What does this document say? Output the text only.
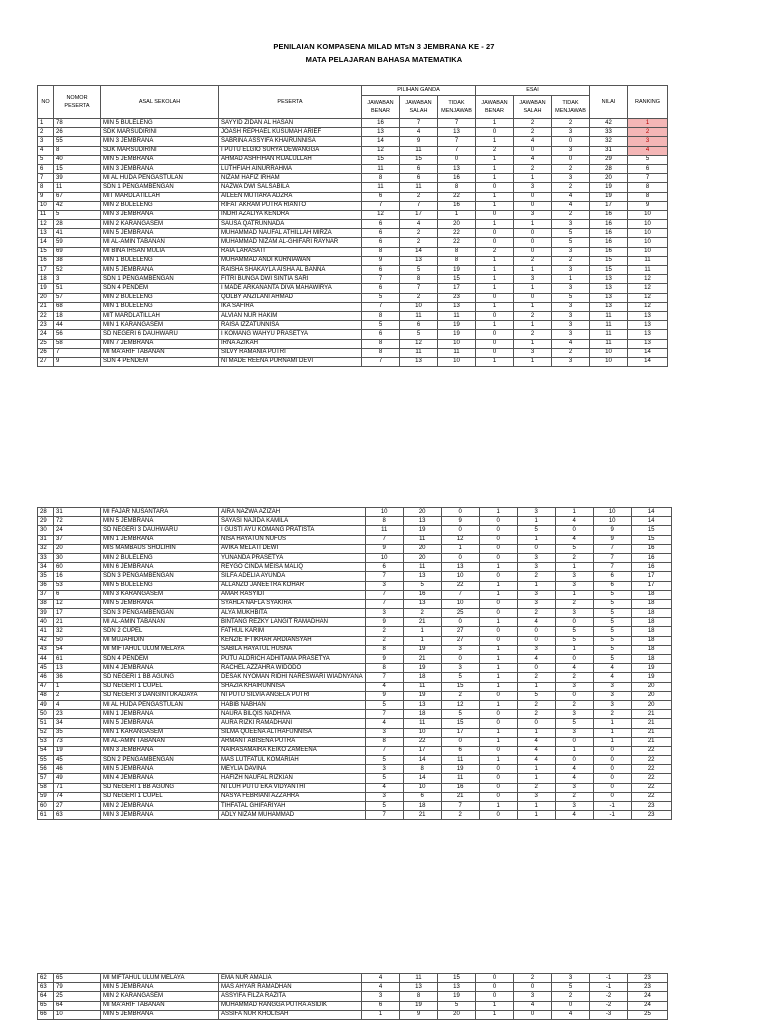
PENILAIAN KOMPASENA MILAD MTsN 3 JEMBRANA KE - 27
MATA PELAJARAN BAHASA MATEMATIKA
NO	NOMOR PESERTA	ASAL SEKOLAH	PESERTA	PILIHAN GANDA			ESAI			NILAI	RANKING
				JAWABAN BENAR	JAWABAN SALAH	TIDAK MENJAWAB	JAWABAN BENAR	JAWABAN SALAH	TIDAK MENJAWAB		
1	78	MIN 5 BULELENG	SAYYID ZIDAN AL HASAN	16	7	7	1	2	2	42	1
2	26	SDK MARSUDIRINI	JOASH REPHAEL KUSUMAH ARIEF	13	4	13	0	2	3	33	2
3	55	MIN 3 JEMBRANA	SABRINA ASSYIFA KHAIRUNNISA	14	9	7	1	4	0	32	3
4	8	SDK MARSUDIRINI	I PUTU ELGIO SURYA DEWANGGA	12	11	7	2	0	3	31	4
5	40	MIN 5 JEMBRANA	AHMAD ASHFIHAN RIJALULLAH	15	15	0	1	4	0	29	5
6	15	MIN 3 JEMBRANA	LUTHFIAH AINURRAHMA	11	6	13	1	2	2	28	6
7	39	MI AL HUDA PENGASTULAN	NIZAM HAFIZ IRHAM	8	6	16	1	1	3	20	7
8	11	SDN 1 PENGAMBENGAN	NAZWA DWI SALSABILA	11	11	8	0	3	2	19	8
9	67	MIT MARDLATILLAH	AILEEN MUTIARA ADZRA	6	2	22	1	0	4	19	8
10	42	MIN 2 BULELENG	RIFAT AKRAM PUTRA RIANTO	7	7	16	1	0	4	17	9
11	5	MIN 3 JEMBRANA	INDRI AZALIYA KENDRA	12	17	1	0	3	2	16	10
12	28	MIN 2 KARANGASEM	SAUSA QATRUNNADA	6	4	20	1	1	3	16	10
13	41	MIN 5 JEMBRANA	MUHAMMAD NAUFAL ATHILLAH MIRZA	6	2	22	0	0	5	16	10
14	59	MI AL-AMIN TABANAN	MUHAMMAD NIZAM AL-GHIFARI RAYNAR	6	2	22	0	0	5	16	10
15	69	MI BINA IHSAN MULIA	RAIA LARASATI	8	14	8	2	0	3	16	10
16	38	MIN 1 BULELENG	MUHAMMAD ANDI KURNIAWAN	9	13	8	1	2	2	15	11
17	52	MIN 5 JEMBRANA	RAISHA SHAKAYLA AISHA AL BANNA	6	5	19	1	1	3	15	11
18	3	SDN 1 PENGAMBENGAN	FITRI BUNGA DWI SINTIA SARI	7	8	15	1	3	1	13	12
19	51	SDN 4 PENDEM	I MADE ARKANANTA DIVA MAHAWIRYA	6	7	17	1	1	3	13	12
20	57	MIN 2 BULELENG	QOLBY ANZILANI AHMAD	5	2	23	0	0	5	13	12
21	68	MIN 1 BULELENG	IKA SAFIRA	7	10	13	1	1	3	13	12
22	18	MIT MARDLATILLAH	ALVIAN NUR HAKIM	8	11	11	0	2	3	11	13
23	44	MIN 1 KARANGASEM	RAISA IZZATUNNISA	5	6	19	1	1	3	11	13
24	56	SD NEGERI 6 DAUHWARU	I KOMANG WAHYU PRASETYA	6	5	19	0	2	3	11	13
25	58	MIN 7 JEMBRANA	IRNA AZIKAH	8	12	10	0	1	4	11	13
26	7	MI MA'ARIF TABANAN	SILVY RAMANIA PUTRI	8	11	11	0	3	2	10	14
27	9	SDN 4 PENDEM	NI MADE REENA PURNAMI DEVI	7	13	10	1	1	3	10	14
28	31	MI FAJAR NUSANTARA	AIRA NAZWA AZIZAH	10	20	0	1	3	1	10	14
29	72	MIN 5 JEMBRANA	SAYASI NAJIDA KAMILA	8	13	9	0	1	4	10	14
30	24	SD NEGERI 3 DAUHWARU	I GUSTI AYU KOMANG PRATISTA	11	19	0	0	5	0	9	15
31	37	MIN 1 JEMBRANA	NISA HAYATUN NUFUS	7	11	12	0	1	4	9	15
32	20	MIS MAMBAUS SHOLIHIN	AVIKA MELATI DEWI	9	20	1	0	0	5	7	16
33	30	MIN 2 BULELENG	YUNANDA PRASETYA	10	20	0	0	3	2	7	16
34	60	MIN 6 JEMBRANA	REYGO CINDA MEISA MALIQ	6	11	13	1	3	1	7	16
35	16	SDN 3 PENGAMBENGAN	SILFA ADELIA AYUNDA	7	13	10	0	2	3	6	17
36	53	MIN 5 BULELENG	ALLANZO JANEETRA KOHAR	3	5	22	1	1	3	6	17
37	6	MIN 3 KARANGASEM	AMAR RASYIDI	7	16	7	1	3	1	5	18
38	12	MIN 5 JEMBRANA	SYAHLA NAFLA SYAKIRA	7	13	10	0	3	2	5	18
39	17	SDN 3 PENGAMBENGAN	ALYA MUKHBITA	3	2	25	0	2	3	5	18
40	21	MI AL-AMIN TABANAN	BINTANG REZKY LANGIT RAMADHAN	9	21	0	1	4	0	5	18
41	32	SDN 2 CUPEL	FATHUL KARIM	2	1	27	0	0	5	5	18
42	50	MI MUJAHIDIN	KENZIE IFTIKHAR ARDIANSYAH	2	1	27	0	0	5	5	18
43	54	MI MIFTAHUL ULUM MELAYA	SABILA HAYATUL HUSNA	8	19	3	1	3	1	5	18
44	61	SDN 4 PENDEM	PUTU ALDRICH ADHITAMA PRASETYA	9	21	0	1	4	0	5	18
45	13	MIN 4 JEMBRANA	RACHEL AZZAHRA WIDODO	8	19	3	1	0	4	4	19
46	36	SD NEGERI 1 BB AGUNG	DESAK NYOMAN RIDHI NARESWARI WIADNYANA	7	18	5	1	2	2	4	19
47	1	SD NEGERI 1 CUPEL	SHAZIA KHAIRUNNISA	4	11	15	1	1	3	3	20
48	2	SD NEGERI 3 DANGINTUKADAYA	NI PUTU SILVIA ANGELA PUTRI	9	19	2	0	5	0	3	20
49	4	MI AL HUDA PENGASTULAN	HABIB NABHAN	5	13	12	1	2	2	3	20
50	23	MIN 1 JEMBRANA	NAURA BILQIS NADHIVA	7	18	5	0	2	3	2	21
51	34	MIN 5 JEMBRANA	AURA RIZKI RAMADHANI	4	11	15	0	0	5	1	21
52	35	MIN 1 KARANGASEM	SILMA QUEENA ALTHAFUNNISA	3	10	17	1	1	3	1	21
53	73	MI AL-AMIN TABANAN	ARMANT ABISENA PUTRA	8	22	0	1	4	0	1	21
54	19	MIN 3 JEMBRANA	NAIRASAMAIRA KEIKO ZAMEENA	7	17	6	0	4	1	0	22
55	45	SDN 2 PENGAMBENGAN	MAS LUTFATUL KOMARIAH	5	14	11	1	4	0	0	22
56	46	MIN 5 JEMBRANA	MEYLIA DAVINA	3	8	19	0	1	4	0	22
57	49	MIN 4 JEMBRANA	HAFIZH NAUFAL RIZKIAN	5	14	11	0	1	4	0	22
58	71	SD NEGERI 1 BB AGUNG	NI LUH PUTU EKA VIDYANTHI	4	10	16	0	2	3	0	22
59	74	SD NEGERI 1 CUPEL	NASYA FEBRIANI AZZAHRA	3	6	21	0	3	2	0	22
60	27	MIN 2 JEMBRANA	TIHFATAL GHIFARIYAH	5	18	7	1	1	3	-1	23
61	63	MIN 3 JEMBRANA	ADLY NIZAM MUHAMMAD	7	21	2	0	1	4	-1	23
62	65	MI MIFTAHUL ULUM MELAYA	EMA NUR AMALIA	4	11	15	0	2	3	-1	23
63	79	MIN 5 JEMBRANA	MAS AHYAR RAMADHAN	4	13	13	0	0	5	-1	23
64	25	MIN 2 KARANGASEM	ASSYIFA FILZA RAZITA	3	8	19	0	3	2	-2	24
65	64	MI MA'ARIF TABANAN	MUHAMMAD RANGGA PUTRA ASIDIK	6	19	5	1	4	0	-2	24
66	10	MIN 5 JEMBRANA	ASSIFA NUR KHOLISAH	1	9	20	1	0	4	-3	25
